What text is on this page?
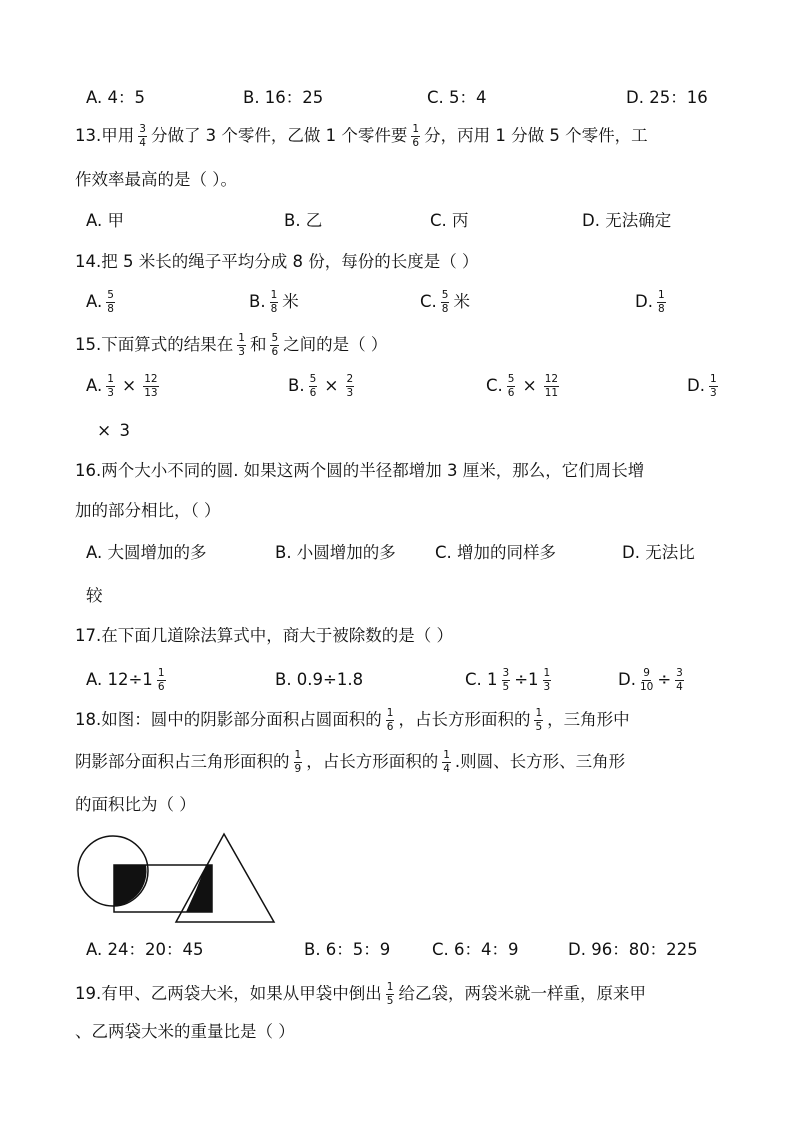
A. 4：5	B. 16：25	C. 5：4	D. 25：16
13.甲用 $\frac{3}{4}$ 分做了 3 个零件，乙做 1 个零件要 $\frac{1}{6}$ 分，丙用 1 分做 5 个零件，工
作效率最高的是（ ）。
A. 甲	B. 乙	C. 丙	D. 无法确定
14.把 5 米长的绳子平均分成 8 份，每份的长度是（ ）
A. $\frac{5}{8}$	B. $\frac{1}{8}$ 米	C. $\frac{5}{8}$ 米	D. $\frac{1}{8}$
15.下面算式的结果在 $\frac{1}{3}$ 和 $\frac{5}{6}$ 之间的是（ ）
A. $\frac{1}{3} \times \frac{12}{13}$	B. $\frac{5}{6} \times \frac{2}{3}$	C. $\frac{5}{6} \times \frac{12}{11}$	D. $\frac{1}{3}$
× 3
16.两个大小不同的圆. 如果这两个圆的半径都增加 3 厘米，那么，它们周长增
加的部分相比，（ ）
A. 大圆增加的多	B. 小圆增加的多 C. 增加的同样多	D. 无法比
较
17.在下面几道除法算式中，商大于被除数的是（ ）
A. $12\div 1 \frac{1}{6}$	B. 0.9÷1.8	C. $1 \frac{3}{5} \div 1 \frac{1}{3}$	D. $\frac{9}{10} \div \frac{3}{4}$
18.如图：圆中的阴影部分面积占圆面积的 $\frac{1}{6}$ ，占长方形面积的 $\frac{1}{5}$ ，三角形中
阴影部分面积占三角形面积的 $\frac{1}{9}$ ，占长方形面积的 $\frac{1}{4}$ .则圆、长方形、三角形
的面积比为（ ）
A. 24：20：45	B. 6：5：9	C. 6：4：9	D. 96：80：225
19.有甲、乙两袋大米，如果从甲袋中倒出 $\frac{1}{5}$ 给乙袋，两袋米就一样重，原来甲
、乙两袋大米的重量比是（ ）
